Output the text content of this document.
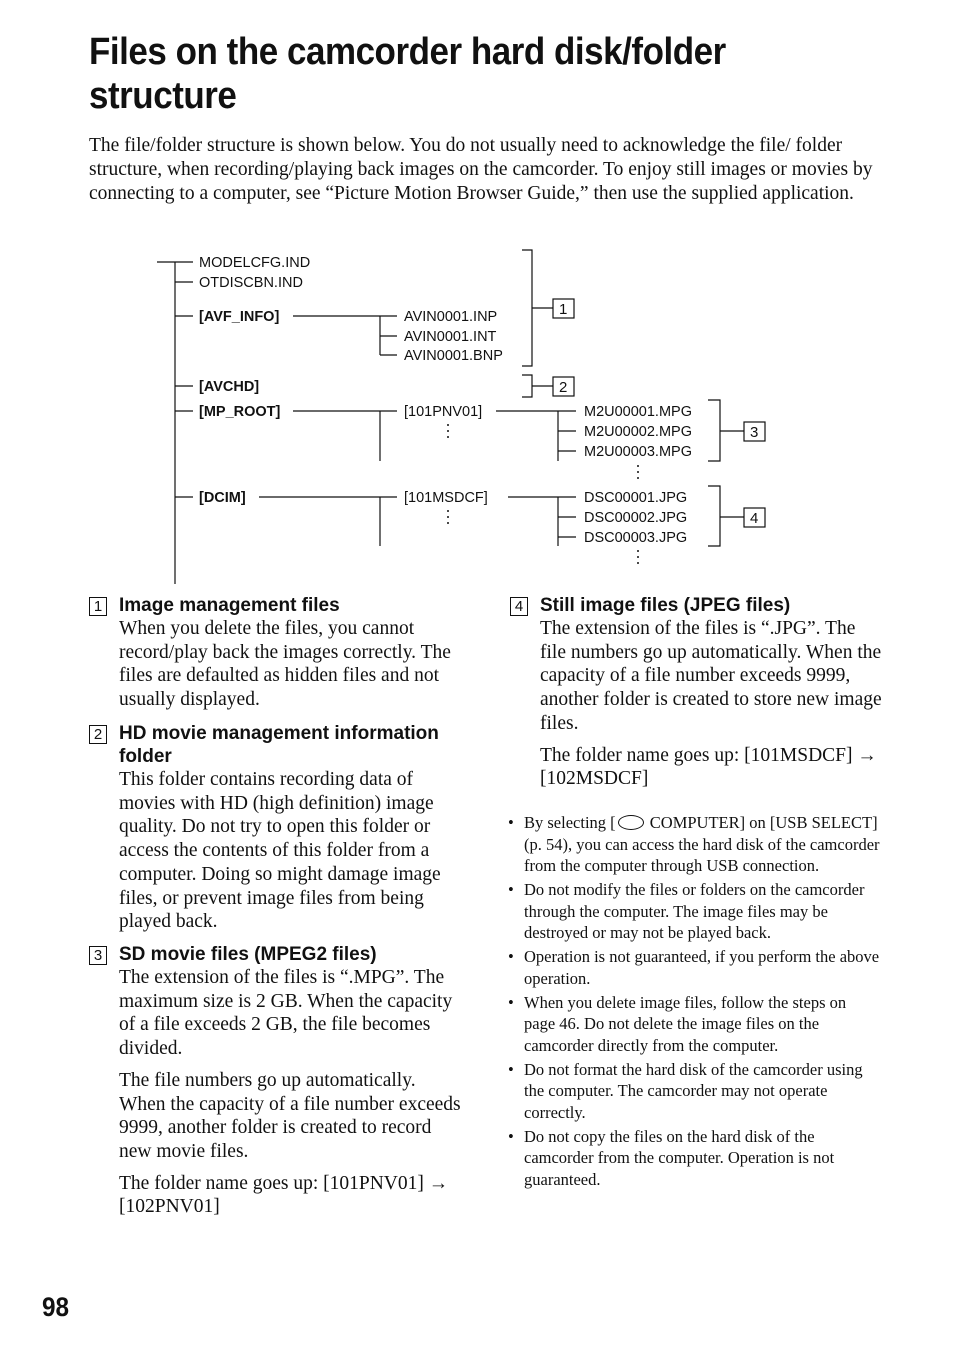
Files on the camcorder hard disk/folder structure
The file/folder structure is shown below. You do not usually need to acknowledge the file/ folder structure, when recording/playing back images on the camcorder. To enjoy still images or movies by connecting to a computer, see “Picture Motion Browser Guide,” then use the supplied application.
MODELCFG.IND
OTDISCBN.IND
[AVF_INFO]	AVIN0001.INP
AVIN0001.INT
AVIN0001.BNP
1
[AVCHD]	2
[MP_ROOT]	[101PNV01]	M2U00001.MPG
M2U00002.MPG
M2U00003.MPG
3
[DCIM]	[101MSDCF]	DSC00001.JPG
DSC00002.JPG
DSC00003.JPG
4
1 Image management files

When you delete the files, you cannot record/play back the images correctly. The files are defaulted as hidden files and not usually displayed.

2 HD movie management information folder

This folder contains recording data of movies with HD (high definition) image quality. Do not try to open this folder or access the contents of this folder from a computer. Doing so might damage image files, or prevent image files from being played back.

3 SD movie files (MPEG2 files)

The extension of the files is “.MPG”. The maximum size is 2 GB. When the capacity of a file exceeds 2 GB, the file becomes divided.

The file numbers go up automatically. When the capacity of a file number exceeds 9999, another folder is created to record new movie files.

The folder name goes up: [101PNV01] → [102PNV01]

4 Still image files (JPEG files)

The extension of the files is “.JPG”. The file numbers go up automatically. When the capacity of a file number exceeds 9999, another folder is created to store new image files.

The folder name goes up: [101MSDCF] → [102MSDCF]

• By selecting [ COMPUTER] on [USB SELECT] (p. 54), you can access the hard disk of the camcorder from the computer through USB connection.
• Do not modify the files or folders on the camcorder through the computer. The image files may be destroyed or may not be played back.
• Operation is not guaranteed, if you perform the above operation.
• When you delete image files, follow the steps on page 46. Do not delete the image files on the camcorder directly from the computer.
• Do not format the hard disk of the camcorder using the computer. The camcorder may not operate correctly.
• Do not copy the files on the hard disk of the camcorder from the computer. Operation is not guaranteed.
98
